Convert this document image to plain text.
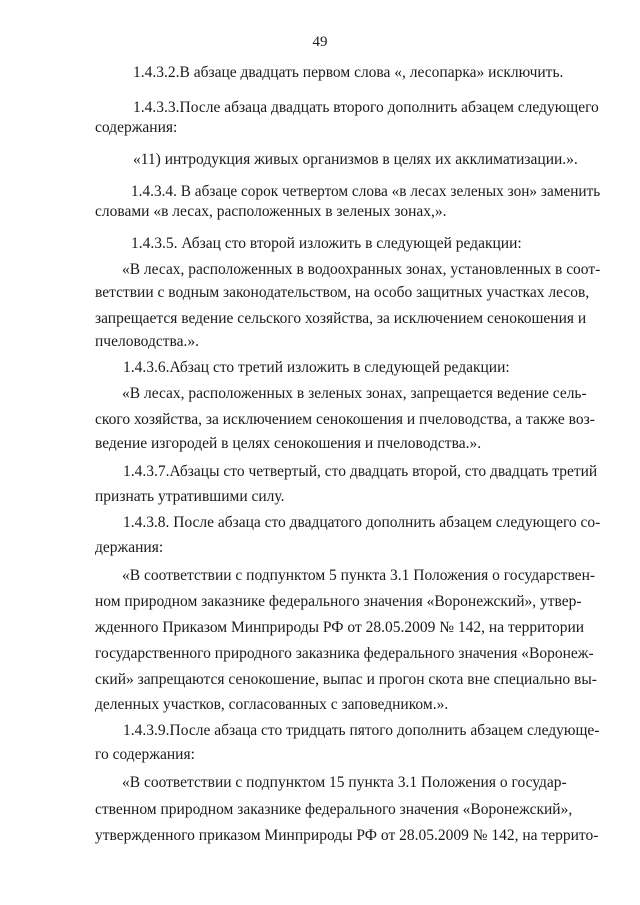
49

1.4.3.2.В абзаце двадцать первом слова «, лесопарка» исключить.

1.4.3.3.После абзаца двадцать второго дополнить абзацем следующего

содержания:

«11) интродукция живых организмов в целях их акклиматизации.».

1.4.3.4. В абзаце сорок четвертом слова «в лесах зеленых зон» заменить

словами «в лесах, расположенных в зеленых зонах,».

1.4.3.5. Абзац сто второй изложить в следующей редакции:

«В лесах, расположенных в водоохранных зонах, установленных в соот-

ветствии с водным законодательством, на особо защитных участках лесов,

запрещается ведение сельского хозяйства, за исключением сенокошения и

пчеловодства.».

1.4.3.6.Абзац сто третий изложить в следующей редакции:

«В лесах, расположенных в зеленых зонах, запрещается ведение сель-

ского хозяйства, за исключением сенокошения и пчеловодства, а также воз-

ведение изгородей в целях сенокошения и пчеловодства.».

1.4.3.7.Абзацы сто четвертый, сто двадцать второй, сто двадцать третий

признать утратившими силу.

1.4.3.8. После абзаца сто двадцатого дополнить абзацем следующего со-

держания:

«В соответствии с подпунктом 5 пункта 3.1 Положения о государствен-

ном природном заказнике федерального значения «Воронежский», утвер-

жденного Приказом Минприроды РФ от 28.05.2009 № 142, на территории

государственного природного заказника федерального значения «Воронеж-

ский» запрещаются сенокошение, выпас и прогон скота вне специально вы-

деленных участков, согласованных с заповедником.».

1.4.3.9.После абзаца сто тридцать пятого дополнить абзацем следующе-

го содержания:

«В соответствии с подпунктом 15 пункта 3.1 Положения о государ-

ственном природном заказнике федерального значения «Воронежский»,

утвержденного приказом Минприроды РФ от 28.05.2009 № 142, на террито-
